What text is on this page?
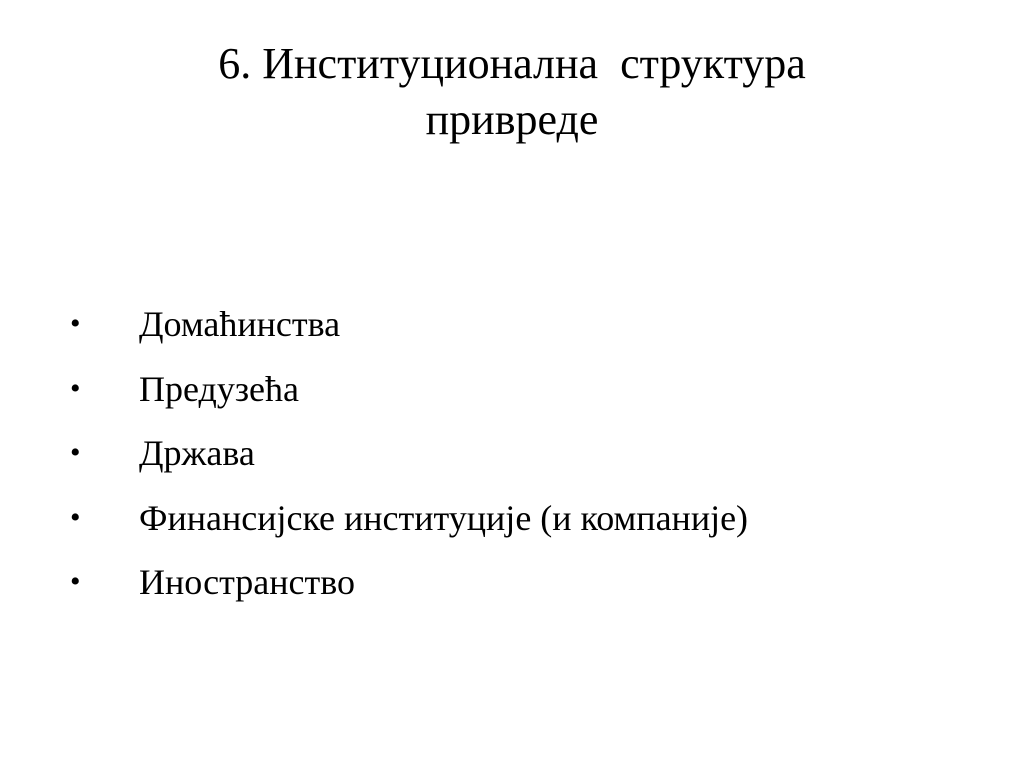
6. Институционална  структура
привреде
• Домаћинства
• Предузећа
• Држава
• Финансијске институције (и компаније)
• Иностранство
